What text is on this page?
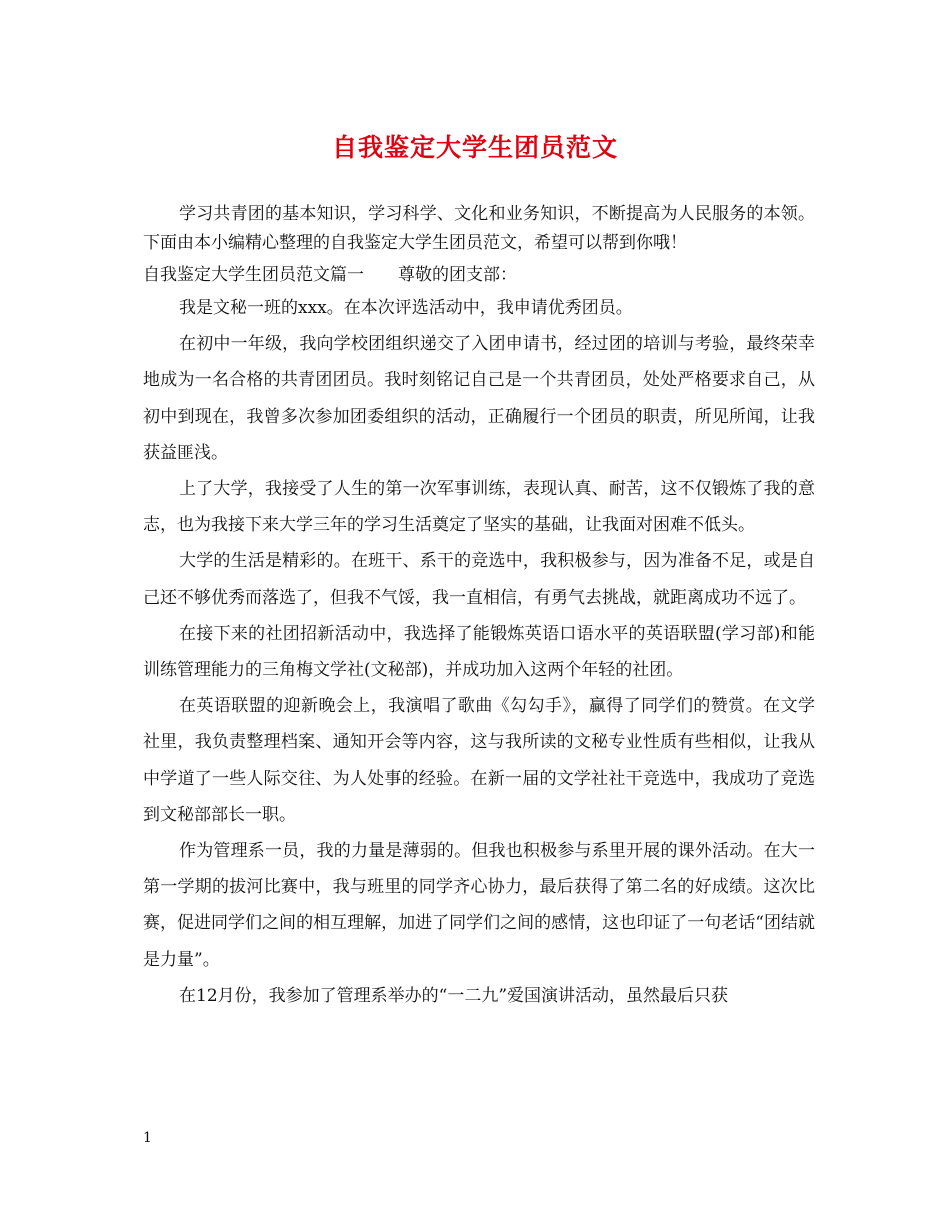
自我鉴定大学生团员范文

学习共青团的基本知识，学习科学、文化和业务知识，不断提高为人民服务的本领。下面由本小编精心整理的自我鉴定大学生团员范文，希望可以帮到你哦！

自我鉴定大学生团员范文篇一　　尊敬的团支部：

我是文秘一班的xxx。在本次评选活动中，我申请优秀团员。

在初中一年级，我向学校团组织递交了入团申请书，经过团的培训与考验，最终荣幸地成为一名合格的共青团团员。我时刻铭记自己是一个共青团员，处处严格要求自己，从初中到现在，我曾多次参加团委组织的活动，正确履行一个团员的职责，所见所闻，让我获益匪浅。

上了大学，我接受了人生的第一次军事训练，表现认真、耐苦，这不仅锻炼了我的意志，也为我接下来大学三年的学习生活奠定了坚实的基础，让我面对困难不低头。

大学的生活是精彩的。在班干、系干的竞选中，我积极参与，因为准备不足，或是自己还不够优秀而落选了，但我不气馁，我一直相信，有勇气去挑战，就距离成功不远了。

在接下来的社团招新活动中，我选择了能锻炼英语口语水平的英语联盟(学习部)和能训练管理能力的三角梅文学社(文秘部)，并成功加入这两个年轻的社团。

在英语联盟的迎新晚会上，我演唱了歌曲《勾勾手》，赢得了同学们的赞赏。在文学社里，我负责整理档案、通知开会等内容，这与我所读的文秘专业性质有些相似，让我从中学道了一些人际交往、为人处事的经验。在新一届的文学社社干竞选中，我成功了竞选到文秘部部长一职。

作为管理系一员，我的力量是薄弱的。但我也积极参与系里开展的课外活动。在大一第一学期的拔河比赛中，我与班里的同学齐心协力，最后获得了第二名的好成绩。这次比赛，促进同学们之间的相互理解，加进了同学们之间的感情，这也印证了一句老话“团结就是力量”。

在12月份，我参加了管理系举办的“一二九”爱国演讲活动，虽然最后只获

1
